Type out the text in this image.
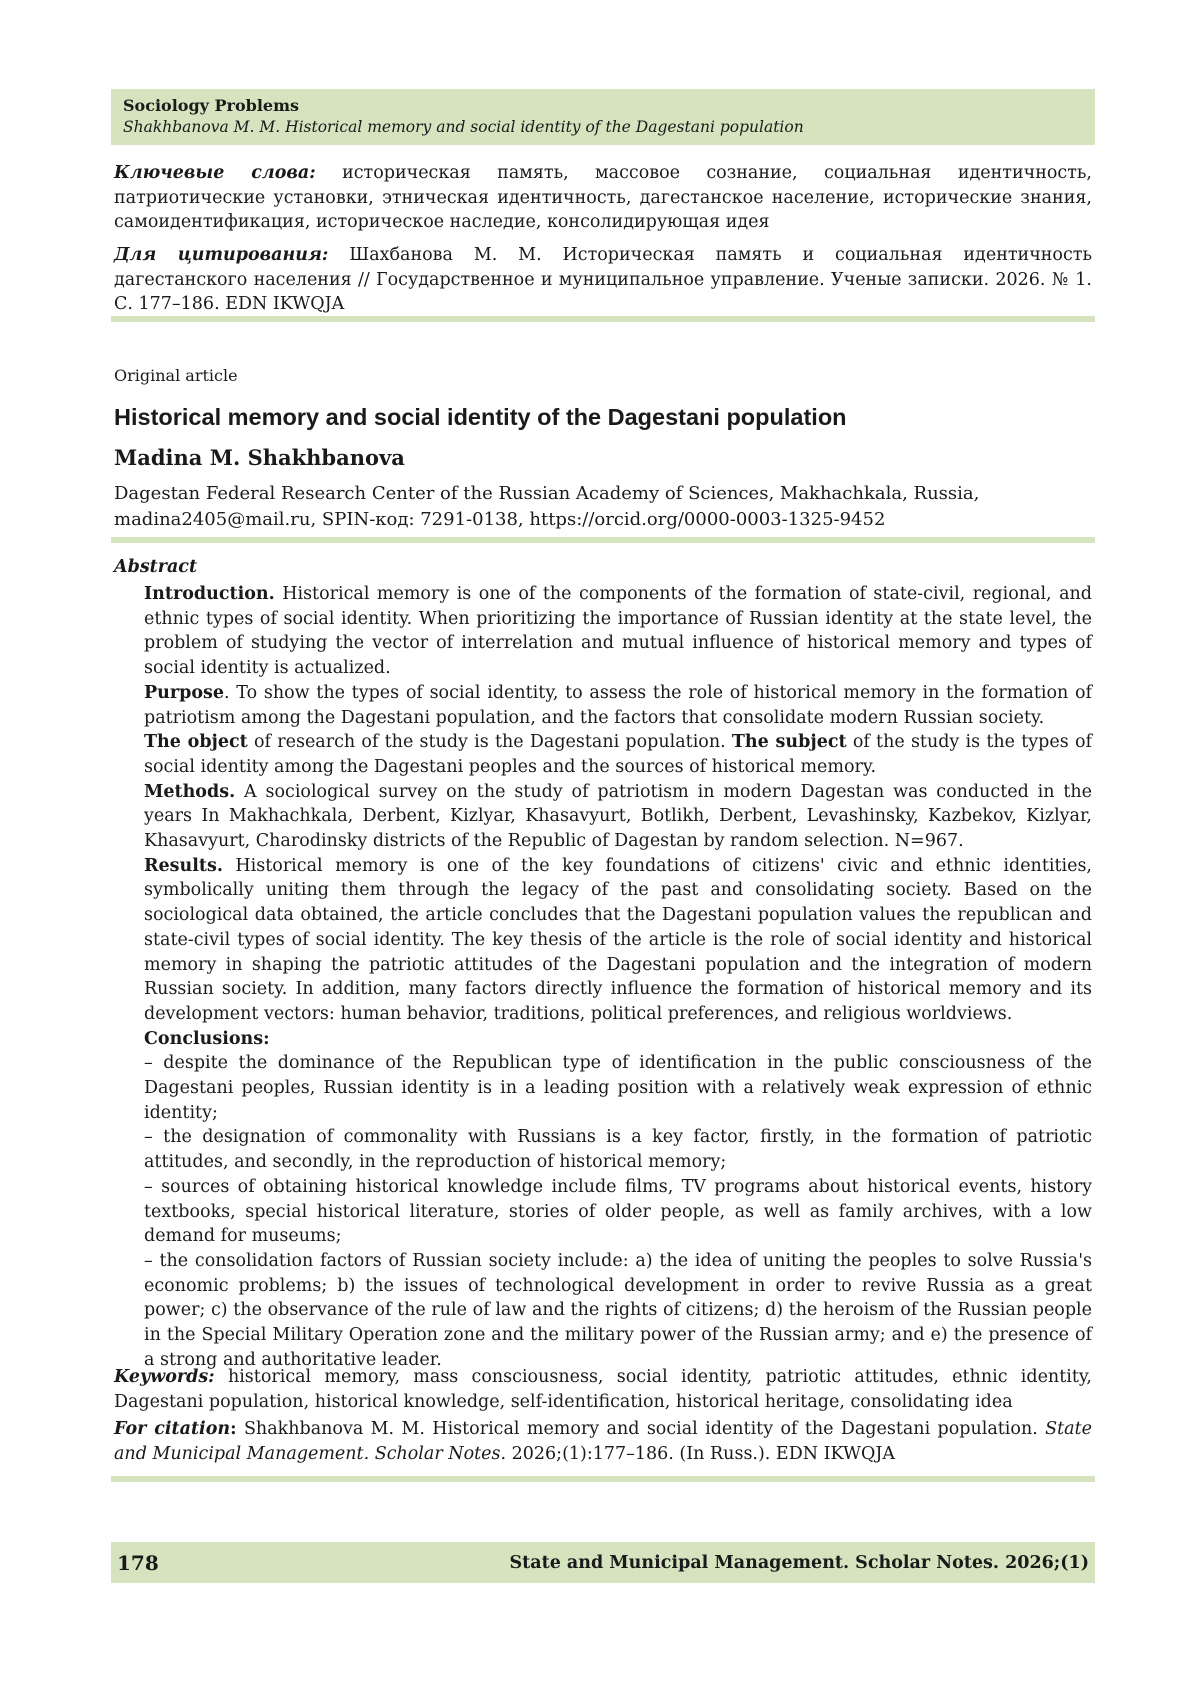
Sociology Problems
Shakhbanova M. M. Historical memory and social identity of the Dagestani population
Ключевые слова: историческая память, массовое сознание, социальная идентичность, патриотические установки, этническая идентичность, дагестанское население, исторические знания, самоидентификация, историческое наследие, консолидирующая идея
Для цитирования: Шахбанова М. М. Историческая память и социальная идентичность дагестанского населения // Государственное и муниципальное управление. Ученые записки. 2026. № 1. С. 177–186. EDN IKWQJA
Original article
Historical memory and social identity of the Dagestani population
Madina M. Shakhbanova
Dagestan Federal Research Center of the Russian Academy of Sciences, Makhachkala, Russia,
madina2405@mail.ru, SPIN-код: 7291-0138, https://orcid.org/0000-0003-1325-9452
Abstract

Introduction. Historical memory is one of the components of the formation of state-civil, regional, and ethnic types of social identity. When prioritizing the importance of Russian identity at the state level, the problem of studying the vector of interrelation and mutual influence of historical memory and types of social identity is actualized.

Purpose. To show the types of social identity, to assess the role of historical memory in the formation of patriotism among the Dagestani population, and the factors that consolidate modern Russian society.

The object of research of the study is the Dagestani population. The subject of the study is the types of social identity among the Dagestani peoples and the sources of historical memory.

Methods. A sociological survey on the study of patriotism in modern Dagestan was conducted in the years In Makhachkala, Derbent, Kizlyar, Khasavyurt, Botlikh, Derbent, Levashinsky, Kazbekov, Kizlyar, Khasavyurt, Charodinsky districts of the Republic of Dagestan by random selection. N=967.

Results. Historical memory is one of the key foundations of citizens' civic and ethnic identities, symbolically uniting them through the legacy of the past and consolidating society. Based on the sociological data obtained, the article concludes that the Dagestani population values the republican and state-civil types of social identity. The key thesis of the article is the role of social identity and historical memory in shaping the patriotic attitudes of the Dagestani population and the integration of modern Russian society. In addition, many factors directly influence the formation of historical memory and its development vectors: human behavior, traditions, political preferences, and religious worldviews.

Conclusions:

– despite the dominance of the Republican type of identification in the public consciousness of the Dagestani peoples, Russian identity is in a leading position with a relatively weak expression of ethnic identity;

– the designation of commonality with Russians is a key factor, firstly, in the formation of patriotic attitudes, and secondly, in the reproduction of historical memory;

– sources of obtaining historical knowledge include films, TV programs about historical events, history textbooks, special historical literature, stories of older people, as well as family archives, with a low demand for museums;

– the consolidation factors of Russian society include: a) the idea of uniting the peoples to solve Russia's economic problems; b) the issues of technological development in order to revive Russia as a great power; c) the observance of the rule of law and the rights of citizens; d) the heroism of the Russian people in the Special Military Operation zone and the military power of the Russian army; and e) the presence of a strong and authoritative leader.

Keywords: historical memory, mass consciousness, social identity, patriotic attitudes, ethnic identity, Dagestani population, historical knowledge, self-identification, historical heritage, consolidating idea
For citation: Shakhbanova M. M. Historical memory and social identity of the Dagestani population. State and Municipal Management. Scholar Notes. 2026;(1):177–186. (In Russ.). EDN IKWQJA
178	State and Municipal Management. Scholar Notes. 2026;(1)
